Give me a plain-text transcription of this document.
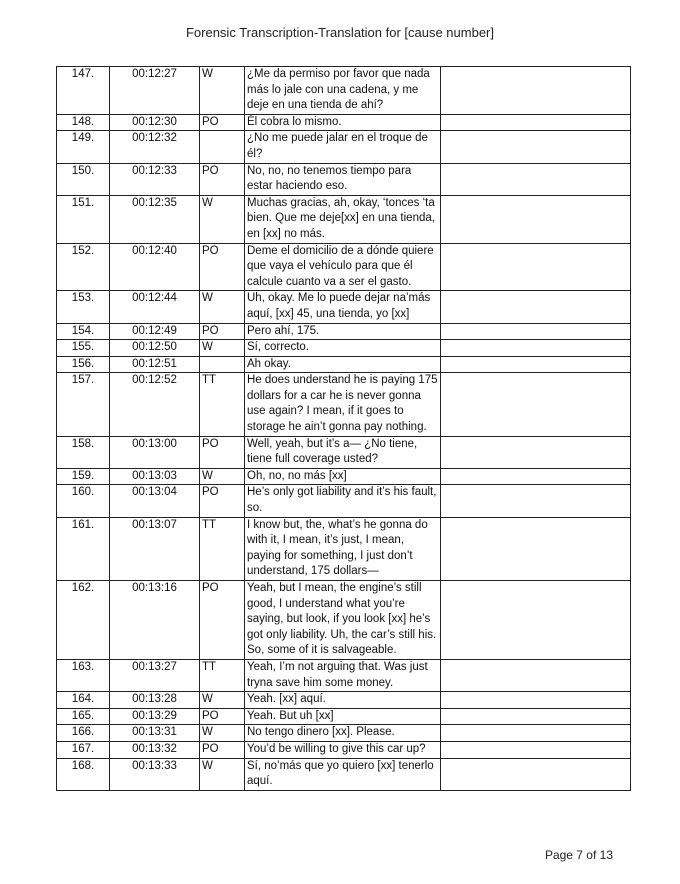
Forensic Transcription-Translation for [cause number]
147.	00:12:27	W	¿Me da permiso por favor que nada más lo jale con una cadena, y me deje en una tienda de ahí?	
148.	00:12:30	PO	Él cobra lo mismo.	
149.	00:12:32		¿No me puede jalar en el troque de él?	
150.	00:12:33	PO	No, no, no tenemos tiempo para estar haciendo eso.	
151.	00:12:35	W	Muchas gracias, ah, okay, ‘tonces ‘ta bien. Que me deje[xx] en una tienda, en [xx] no más.	
152.	00:12:40	PO	Deme el domicilio de a dónde quiere que vaya el vehículo para que él calcule cuanto va a ser el gasto.	
153.	00:12:44	W	Uh, okay. Me lo puede dejar na’más aquí, [xx] 45, una tienda, yo [xx]	
154.	00:12:49	PO	Pero ahí, 175.	
155.	00:12:50	W	Sí, correcto.	
156.	00:12:51		Ah okay.	
157.	00:12:52	TT	He does understand he is paying 175 dollars for a car he is never gonna use again? I mean, if it goes to storage he ain’t gonna pay nothing.	
158.	00:13:00	PO	Well, yeah, but it’s a— ¿No tiene, tiene full coverage usted?	
159.	00:13:03	W	Oh, no, no más [xx]	
160.	00:13:04	PO	He’s only got liability and it’s his fault, so.	
161.	00:13:07	TT	I know but, the, what’s he gonna do with it, I mean, it’s just, I mean, paying for something, I just don’t understand, 175 dollars—	
162.	00:13:16	PO	Yeah, but I mean, the engine’s still good, I understand what you’re saying, but look, if you look [xx] he’s got only liability. Uh, the car’s still his. So, some of it is salvageable.	
163.	00:13:27	TT	Yeah, I’m not arguing that. Was just tryna save him some money.	
164.	00:13:28	W	Yeah. [xx] aquí.	
165.	00:13:29	PO	Yeah. But uh [xx]	
166.	00:13:31	W	No tengo dinero [xx]. Please.	
167.	00:13:32	PO	You’d be willing to give this car up?	
168.	00:13:33	W	Sí, no’más que yo quiero [xx] tenerlo aquí.	
Page 7 of 13
